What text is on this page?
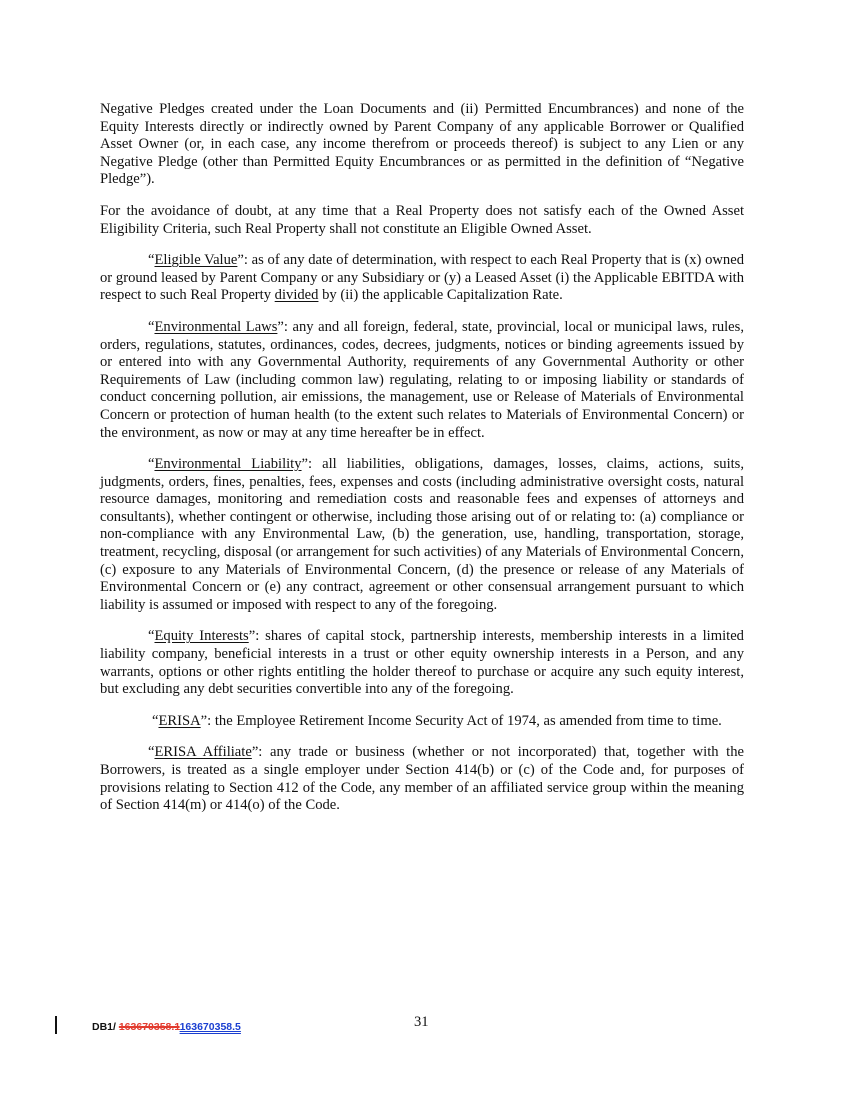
Negative Pledges created under the Loan Documents and (ii) Permitted Encumbrances) and none of the Equity Interests directly or indirectly owned by Parent Company of any applicable Borrower or Qualified Asset Owner (or, in each case, any income therefrom or proceeds thereof) is subject to any Lien or any Negative Pledge (other than Permitted Equity Encumbrances or as permitted in the definition of “Negative Pledge”).

For the avoidance of doubt, at any time that a Real Property does not satisfy each of the Owned Asset Eligibility Criteria, such Real Property shall not constitute an Eligible Owned Asset.

“Eligible Value”: as of any date of determination, with respect to each Real Property that is (x) owned or ground leased by Parent Company or any Subsidiary or (y) a Leased Asset (i) the Applicable EBITDA with respect to such Real Property divided by (ii) the applicable Capitalization Rate.

“Environmental Laws”: any and all foreign, federal, state, provincial, local or municipal laws, rules, orders, regulations, statutes, ordinances, codes, decrees, judgments, notices or binding agreements issued by or entered into with any Governmental Authority, requirements of any Governmental Authority or other Requirements of Law (including common law) regulating, relating to or imposing liability or standards of conduct concerning pollution, air emissions, the management, use or Release of Materials of Environmental Concern or protection of human health (to the extent such relates to Materials of Environmental Concern) or the environment, as now or may at any time hereafter be in effect.

“Environmental Liability”: all liabilities, obligations, damages, losses, claims, actions, suits, judgments, orders, fines, penalties, fees, expenses and costs (including administrative oversight costs, natural resource damages, monitoring and remediation costs and reasonable fees and expenses of attorneys and consultants), whether contingent or otherwise, including those arising out of or relating to: (a) compliance or non-compliance with any Environmental Law, (b) the generation, use, handling, transportation, storage, treatment, recycling, disposal (or arrangement for such activities) of any Materials of Environmental Concern, (c) exposure to any Materials of Environmental Concern, (d) the presence or release of any Materials of Environmental Concern or (e) any contract, agreement or other consensual arrangement pursuant to which liability is assumed or imposed with respect to any of the foregoing.

“Equity Interests”: shares of capital stock, partnership interests, membership interests in a limited liability company, beneficial interests in a trust or other equity ownership interests in a Person, and any warrants, options or other rights entitling the holder thereof to purchase or acquire any such equity interest, but excluding any debt securities convertible into any of the foregoing.

“ERISA”: the Employee Retirement Income Security Act of 1974, as amended from time to time.

“ERISA Affiliate”: any trade or business (whether or not incorporated) that, together with the Borrowers, is treated as a single employer under Section 414(b) or (c) of the Code and, for purposes of provisions relating to Section 412 of the Code, any member of an affiliated service group within the meaning of Section 414(m) or 414(o) of the Code.

DB1/ 163670358.1163670358.5	31
